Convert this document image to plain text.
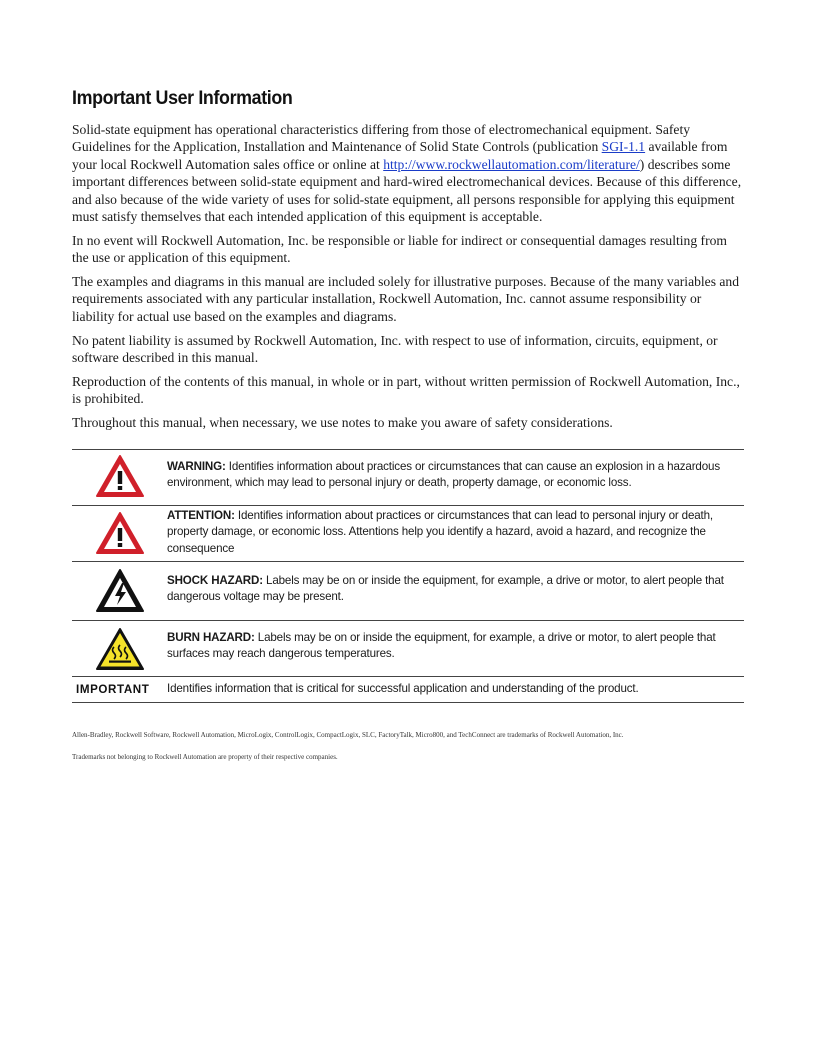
Important User Information

Solid-state equipment has operational characteristics differing from those of electromechanical equipment. Safety Guidelines for the Application, Installation and Maintenance of Solid State Controls (publication SGI-1.1 available from your local Rockwell Automation sales office or online at http://www.rockwellautomation.com/literature/) describes some important differences between solid-state equipment and hard-wired electromechanical devices. Because of this difference, and also because of the wide variety of uses for solid-state equipment, all persons responsible for applying this equipment must satisfy themselves that each intended application of this equipment is acceptable.

In no event will Rockwell Automation, Inc. be responsible or liable for indirect or consequential damages resulting from the use or application of this equipment.

The examples and diagrams in this manual are included solely for illustrative purposes. Because of the many variables and requirements associated with any particular installation, Rockwell Automation, Inc. cannot assume responsibility or liability for actual use based on the examples and diagrams.

No patent liability is assumed by Rockwell Automation, Inc. with respect to use of information, circuits, equipment, or software described in this manual.

Reproduction of the contents of this manual, in whole or in part, without written permission of Rockwell Automation, Inc., is prohibited.

Throughout this manual, when necessary, we use notes to make you aware of safety considerations.

WARNING: Identifies information about practices or circumstances that can cause an explosion in a hazardous environment, which may lead to personal injury or death, property damage, or economic loss.
ATTENTION: Identifies information about practices or circumstances that can lead to personal injury or death, property damage, or economic loss. Attentions help you identify a hazard, avoid a hazard, and recognize the consequence
SHOCK HAZARD: Labels may be on or inside the equipment, for example, a drive or motor, to alert people that dangerous voltage may be present.
BURN HAZARD: Labels may be on or inside the equipment, for example, a drive or motor, to alert people that surfaces may reach dangerous temperatures.
IMPORTANT	Identifies information that is critical for successful application and understanding of the product.

Allen-Bradley, Rockwell Software, Rockwell Automation, MicroLogix, ControlLogix, CompactLogix, SLC, FactoryTalk, Micro800, and TechConnect are trademarks of Rockwell Automation, Inc.

Trademarks not belonging to Rockwell Automation are property of their respective companies.
